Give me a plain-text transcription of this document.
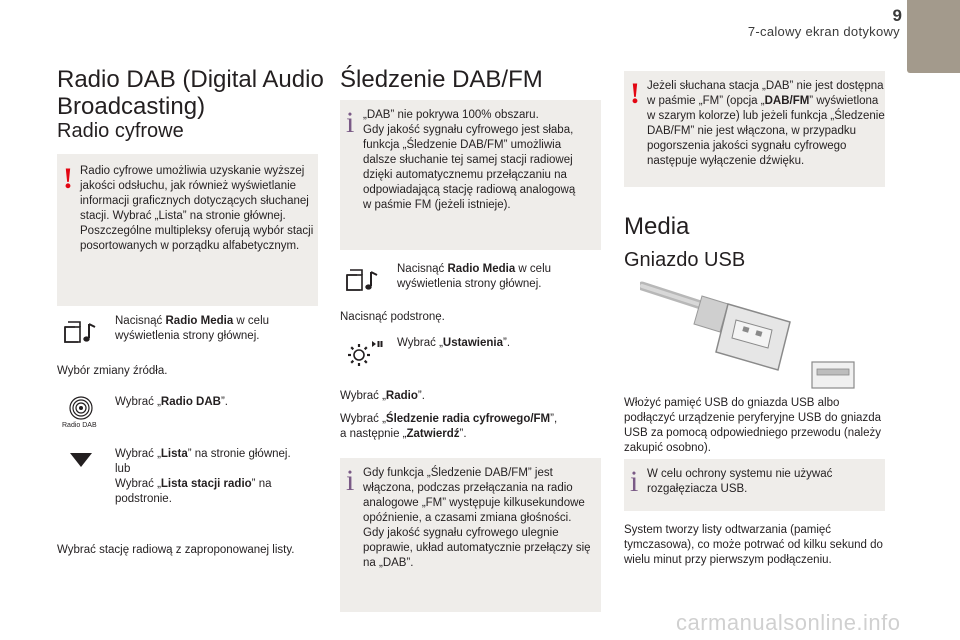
9
7-calowy ekran dotykowy
Radio DAB (Digital Audio
Broadcasting)
Radio cyfrowe
! Radio cyfrowe umożliwia uzyskanie wyższej
jakości odsłuchu, jak również wyświetlanie
informacji graficznych dotyczących słuchanej
stacji. Wybrać „Lista” na stronie głównej.
Poszczególne multipleksy oferują wybór stacji
posortowanych w porządku alfabetycznym.
Nacisnąć Radio Media w celu
wyświetlenia strony głównej.
Wybór zmiany źródła.
Radio DAB
Wybrać „Radio DAB”.
Wybrać „Lista” na stronie głównej.
lub
Wybrać „Lista stacji radio” na
podstronie.
Wybrać stację radiową z zaproponowanej listy.
Śledzenie DAB/FM
i „DAB” nie pokrywa 100% obszaru.
Gdy jakość sygnału cyfrowego jest słaba,
funkcja „Śledzenie DAB/FM” umożliwia
dalsze słuchanie tej samej stacji radiowej
dzięki automatycznemu przełączaniu na
odpowiadającą stację radiową analogową
w paśmie FM (jeżeli istnieje).
Nacisnąć Radio Media w celu
wyświetlenia strony głównej.
Nacisnąć podstronę.
Wybrać „Ustawienia”.
Wybrać „Radio”.
Wybrać „Śledzenie radia cyfrowego/FM”,
a następnie „Zatwierdź”.
i Gdy funkcja „Śledzenie DAB/FM” jest
włączona, podczas przełączania na radio
analogowe „FM” występuje kilkusekundowe
opóźnienie, a czasami zmiana głośności.
Gdy jakość sygnału cyfrowego ulegnie
poprawie, układ automatycznie przełączy się
na „DAB”.
! Jeżeli słuchana stacja „DAB” nie jest dostępna
w paśmie „FM” (opcja „DAB/FM” wyświetlona
w szarym kolorze) lub jeżeli funkcja „Śledzenie
DAB/FM” nie jest włączona, w przypadku
pogorszenia jakości sygnału cyfrowego
następuje wyłączenie dźwięku.
Media
Gniazdo USB
Włożyć pamięć USB do gniazda USB albo
podłączyć urządzenie peryferyjne USB do gniazda
USB za pomocą odpowiedniego przewodu (należy
zakupić osobno).
i W celu ochrony systemu nie używać
rozgałęziacza USB.
System tworzy listy odtwarzania (pamięć
tymczasowa), co może potrwać od kilku sekund do
wielu minut przy pierwszym podłączeniu.
carmanualsonline.info
